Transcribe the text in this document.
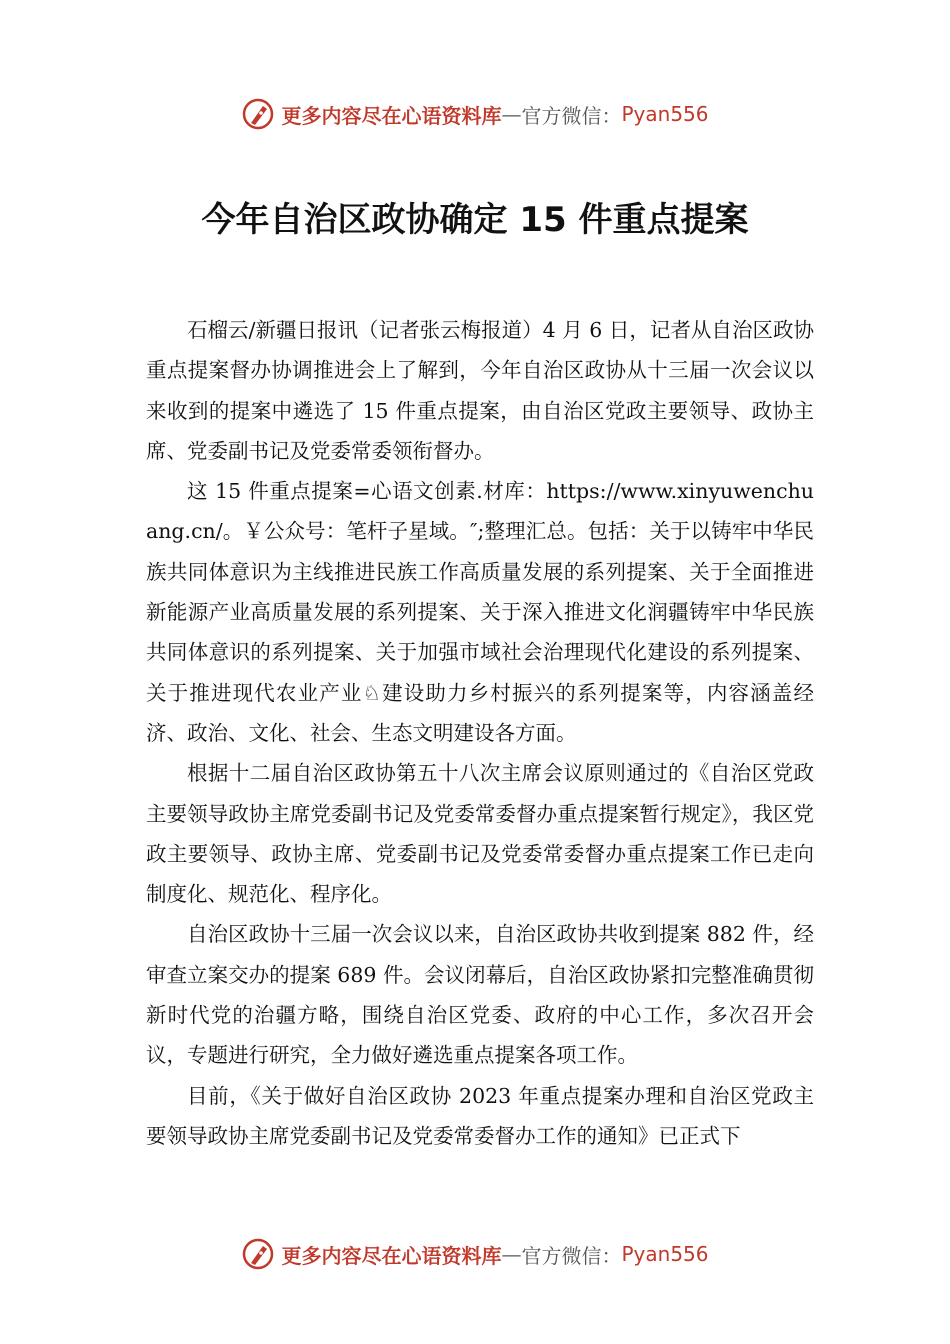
更多内容尽在心语资料库 — 官方微信： Pyan556
今年自治区政协确定 15 件重点提案

石榴云/新疆日报讯（记者张云梅报道）4 月 6 日，记者从自治区政协重点提案督办协调推进会上了解到，今年自治区政协从十三届一次会议以来收到的提案中遴选了 15 件重点提案，由自治区党政主要领导、政协主席、党委副书记及党委常委领衔督办。

这 15 件重点提案=心语文创素.材库：https://www.xinyuwenchuang.cn/。￥公众号：笔杆子星域。″;整理汇总。包括：关于以铸牢中华民族共同体意识为主线推进民族工作高质量发展的系列提案、关于全面推进新能源产业高质量发展的系列提案、关于深入推进文化润疆铸牢中华民族共同体意识的系列提案、关于加强市域社会治理现代化建设的系列提案、关于推进现代农业产业♘建设助力乡村振兴的系列提案等，内容涵盖经济、政治、文化、社会、生态文明建设各方面。

根据十二届自治区政协第五十八次主席会议原则通过的《自治区党政主要领导政协主席党委副书记及党委常委督办重点提案暂行规定》，我区党政主要领导、政协主席、党委副书记及党委常委督办重点提案工作已走向制度化、规范化、程序化。

自治区政协十三届一次会议以来，自治区政协共收到提案 882 件，经审查立案交办的提案 689 件。会议闭幕后，自治区政协紧扣完整准确贯彻新时代党的治疆方略，围绕自治区党委、政府的中心工作，多次召开会议，专题进行研究，全力做好遴选重点提案各项工作。

目前，《关于做好自治区政协 2023 年重点提案办理和自治区党政主要领导政协主席党委副书记及党委常委督办工作的通知》已正式下

更多内容尽在心语资料库 — 官方微信： Pyan556
